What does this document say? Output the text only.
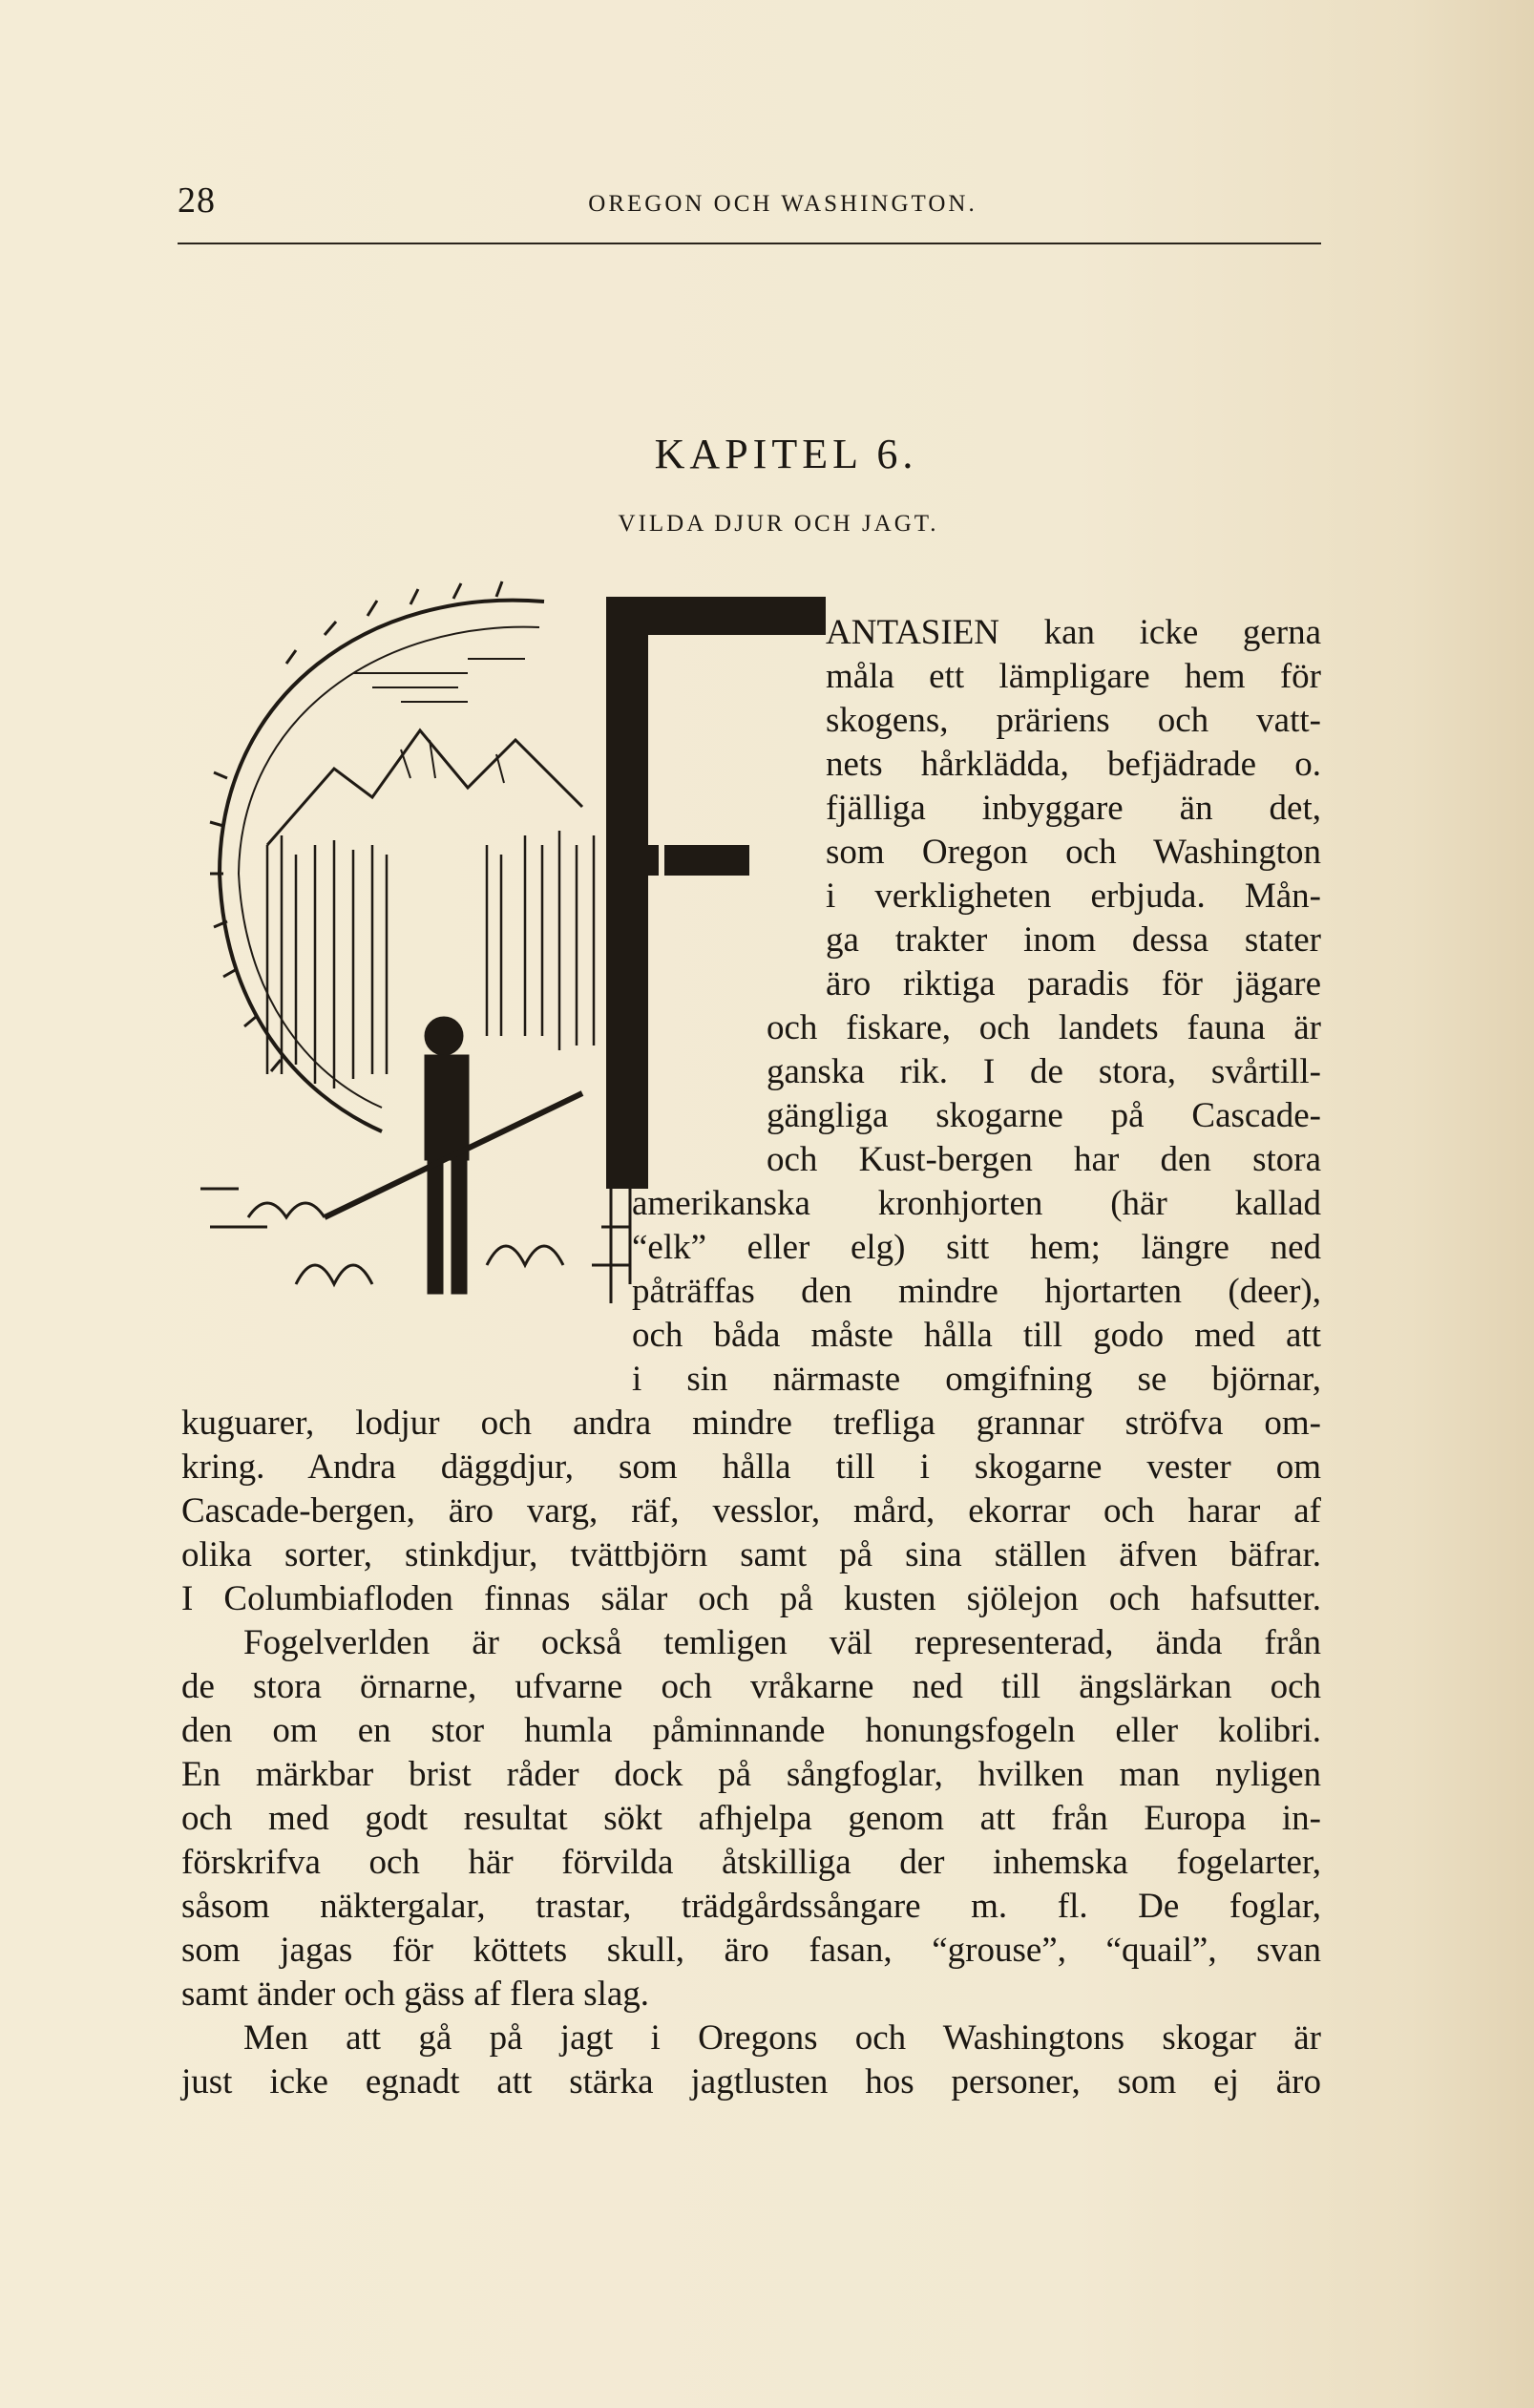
28	OREGON OCH WASHINGTON.
KAPITEL 6.
VILDA DJUR OCH JAGT.
ANTASIEN kan icke gerna
måla ett lämpligare hem för
skogens, präriens och vatt-
nets hårklädda, befjädrade o.
fjälliga inbyggare än det,
som Oregon och Washington
i verkligheten erbjuda. Mån-
ga trakter inom dessa stater
äro riktiga paradis för jägare
och fiskare, och landets fauna är
ganska rik. I de stora, svårtill-
gängliga skogarne på Cascade-
och Kust-bergen har den stora
amerikanska kronhjorten (här kallad
“elk” eller elg) sitt hem; längre ned
påträffas den mindre hjortarten (deer),
och båda måste hålla till godo med att
i sin närmaste omgifning se björnar,
kuguarer, lodjur och andra mindre trefliga grannar ströfva om-
kring. Andra däggdjur, som hålla till i skogarne vester om
Cascade-bergen, äro varg, räf, vesslor, mård, ekorrar och harar af
olika sorter, stinkdjur, tvättbjörn samt på sina ställen äfven bäfrar.
I Columbiafloden finnas sälar och på kusten sjölejon och hafsutter.
Fogelverlden är också temligen väl representerad, ända från
de stora örnarne, ufvarne och vråkarne ned till ängslärkan och
den om en stor humla påminnande honungsfogeln eller kolibri.
En märkbar brist råder dock på sångfoglar, hvilken man nyligen
och med godt resultat sökt afhjelpa genom att från Europa in-
förskrifva och här förvilda åtskilliga der inhemska fogelarter,
såsom näktergalar, trastar, trädgårdssångare m. fl. De foglar,
som jagas för köttets skull, äro fasan, “grouse”, “quail”, svan
samt änder och gäss af flera slag.
Men att gå på jagt i Oregons och Washingtons skogar är
just icke egnadt att stärka jagtlusten hos personer, som ej äro
